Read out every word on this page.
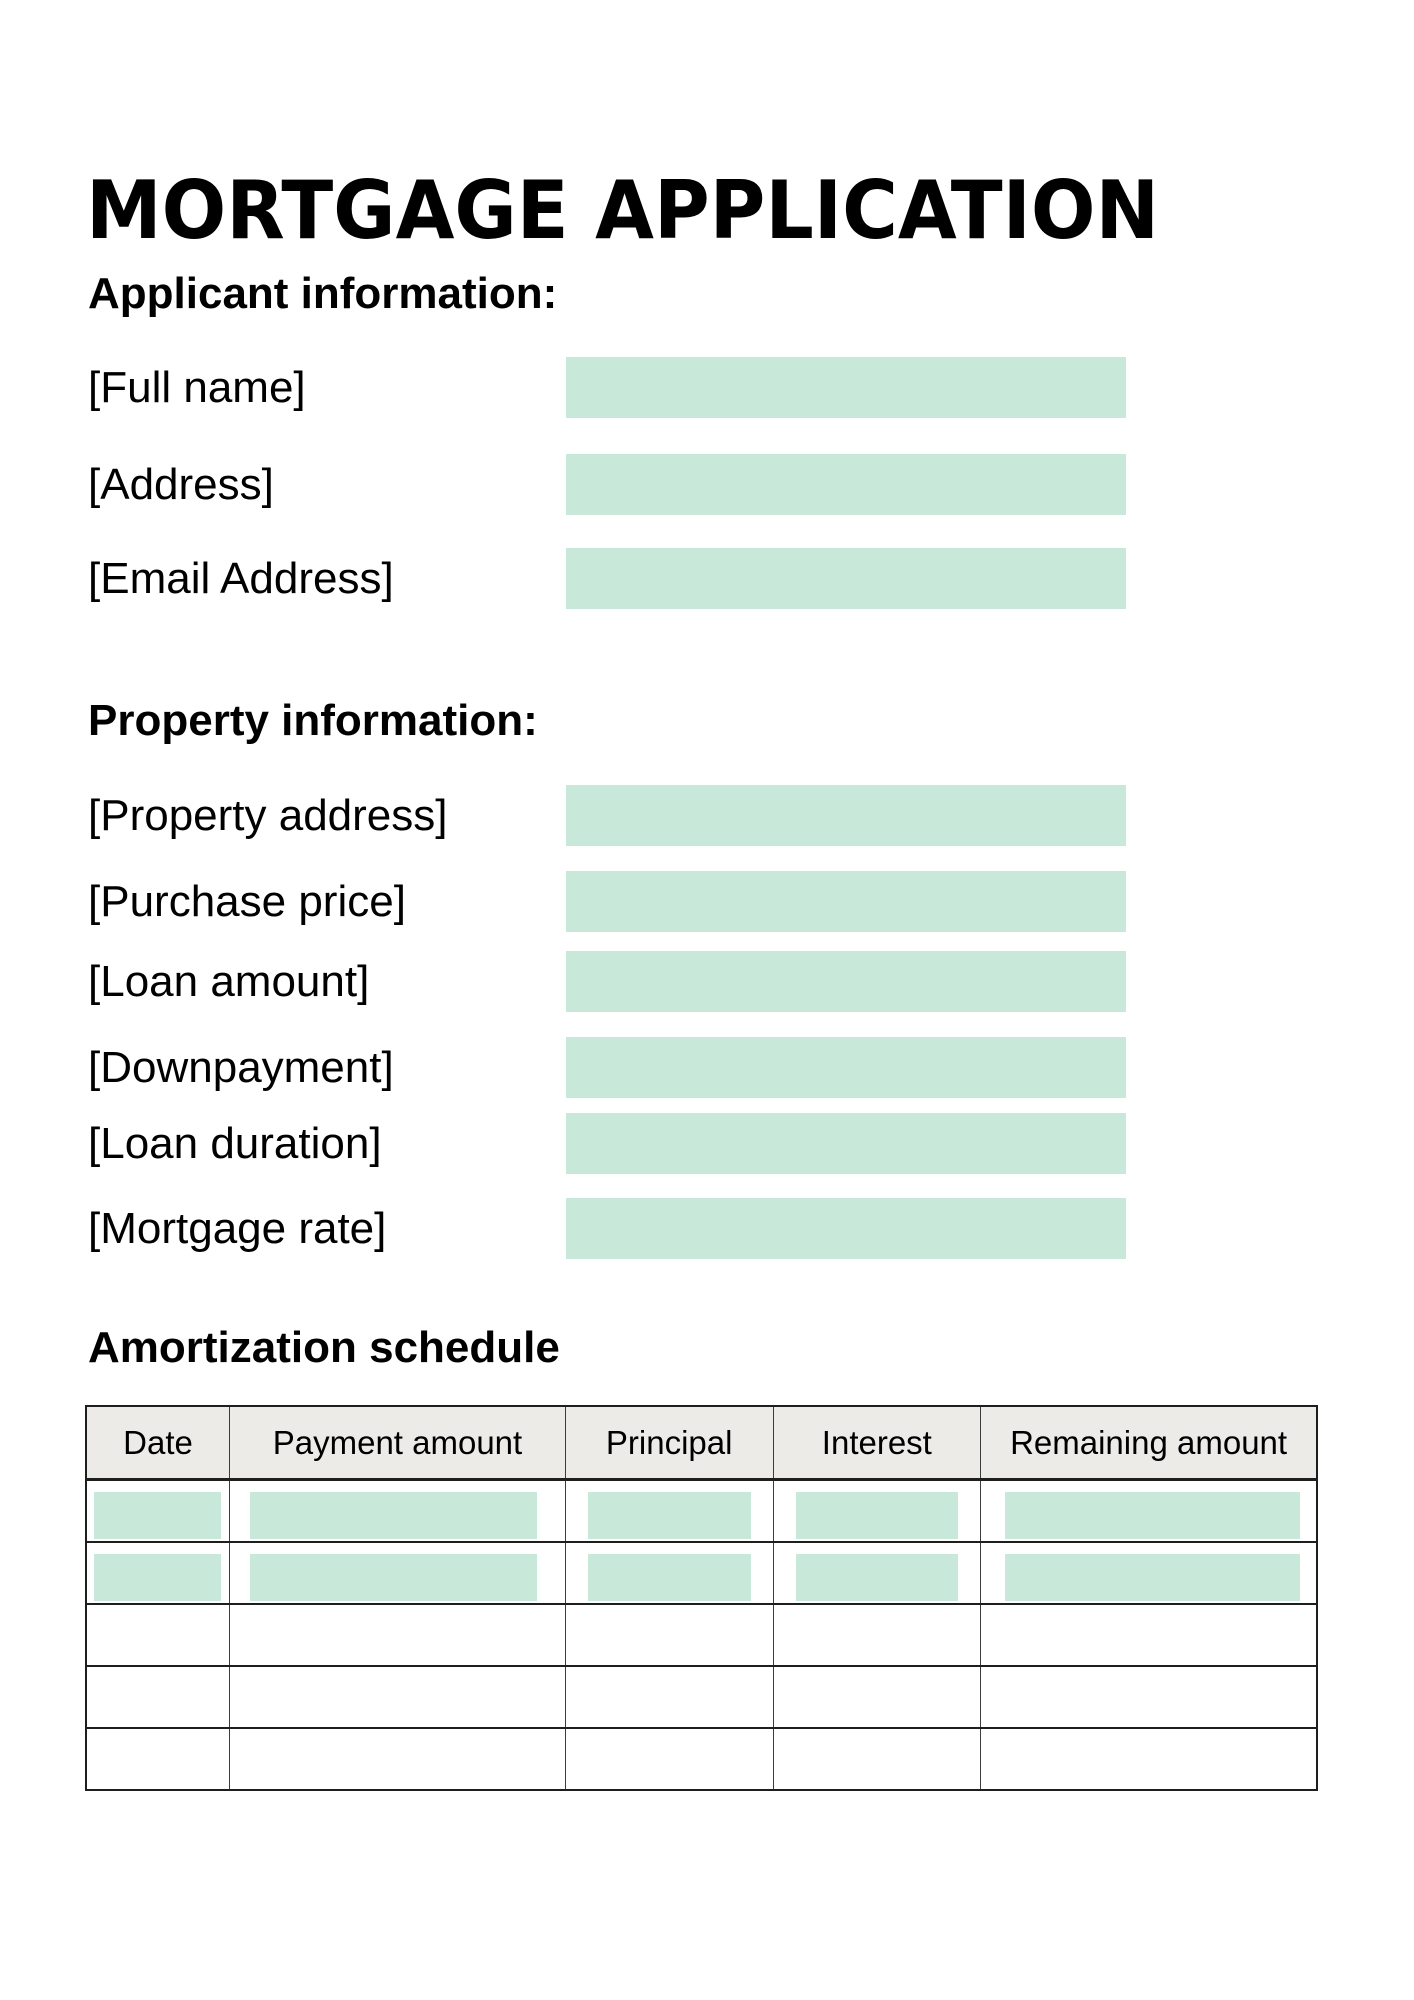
MORTGAGE APPLICATION
Applicant information:
[Full name]
[Address]
[Email Address]
Property information:
[Property address]
[Purchase price]
[Loan amount]
[Downpayment]
[Loan duration]
[Mortgage rate]
Amortization schedule
Date	Payment amount	Principal	Interest	Remaining amount
